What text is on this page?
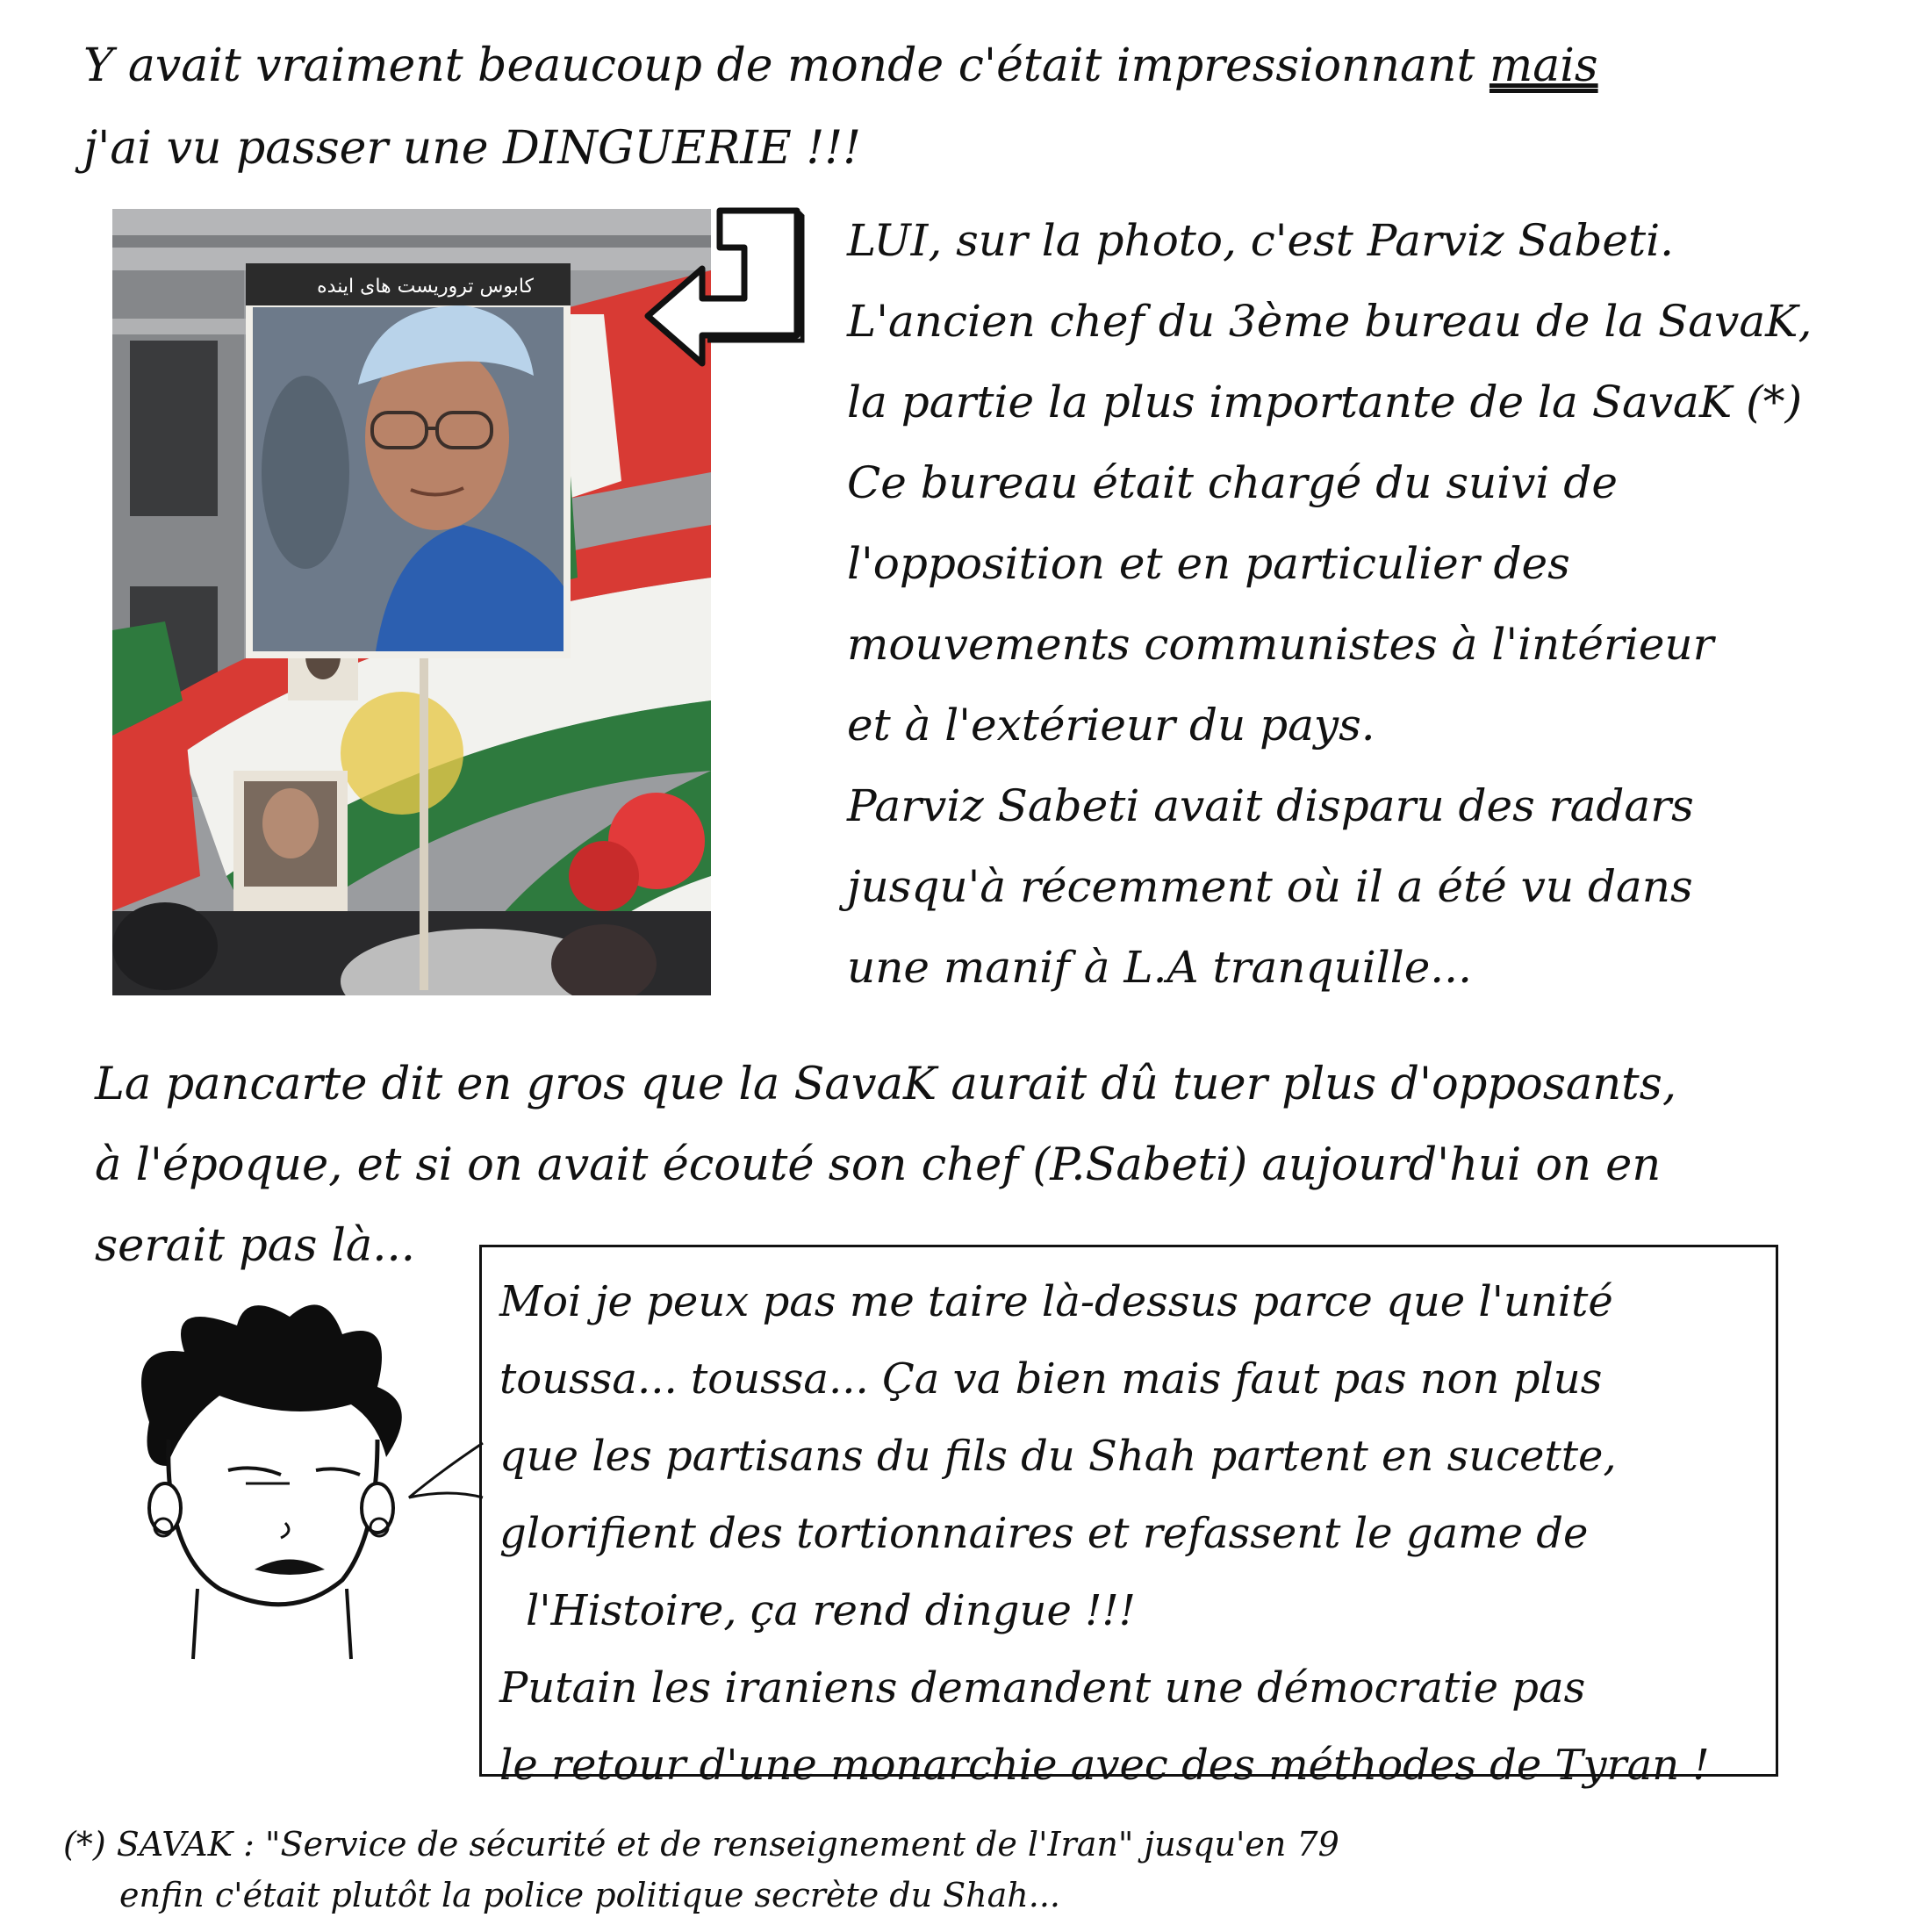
Y avait vraiment beaucoup de monde c'était impressionnant mais
j'ai vu passer une DINGUERIE !!!
کابوس تروریست های اینده
LUI, sur la photo, c'est Parviz Sabeti.
L'ancien chef du 3ème bureau de la SavaK,
la partie la plus importante de la SavaK (*)
Ce bureau était chargé du suivi de
l'opposition et en particulier des
mouvements communistes à l'intérieur
et à l'extérieur du pays.
Parviz Sabeti avait disparu des radars
jusqu'à récemment où il a été vu dans
une manif à L.A tranquille...
La pancarte dit en gros que la SavaK aurait dû tuer plus d'opposants,
à l'époque, et si on avait écouté son chef (P.Sabeti) aujourd'hui on en
serait pas là...
Moi je peux pas me taire là-dessus parce que l'unité
toussa... toussa... Ça va bien mais faut pas non plus
que les partisans du fils du Shah partent en sucette,
glorifient des tortionnaires et refassent le game de
l'Histoire, ça rend dingue !!!
Putain les iraniens demandent une démocratie pas
le retour d'une monarchie avec des méthodes de Tyran !
(*) SAVAK : "Service de sécurité et de renseignement de l'Iran" jusqu'en 79
enfin c'était plutôt la police politique secrète du Shah...
